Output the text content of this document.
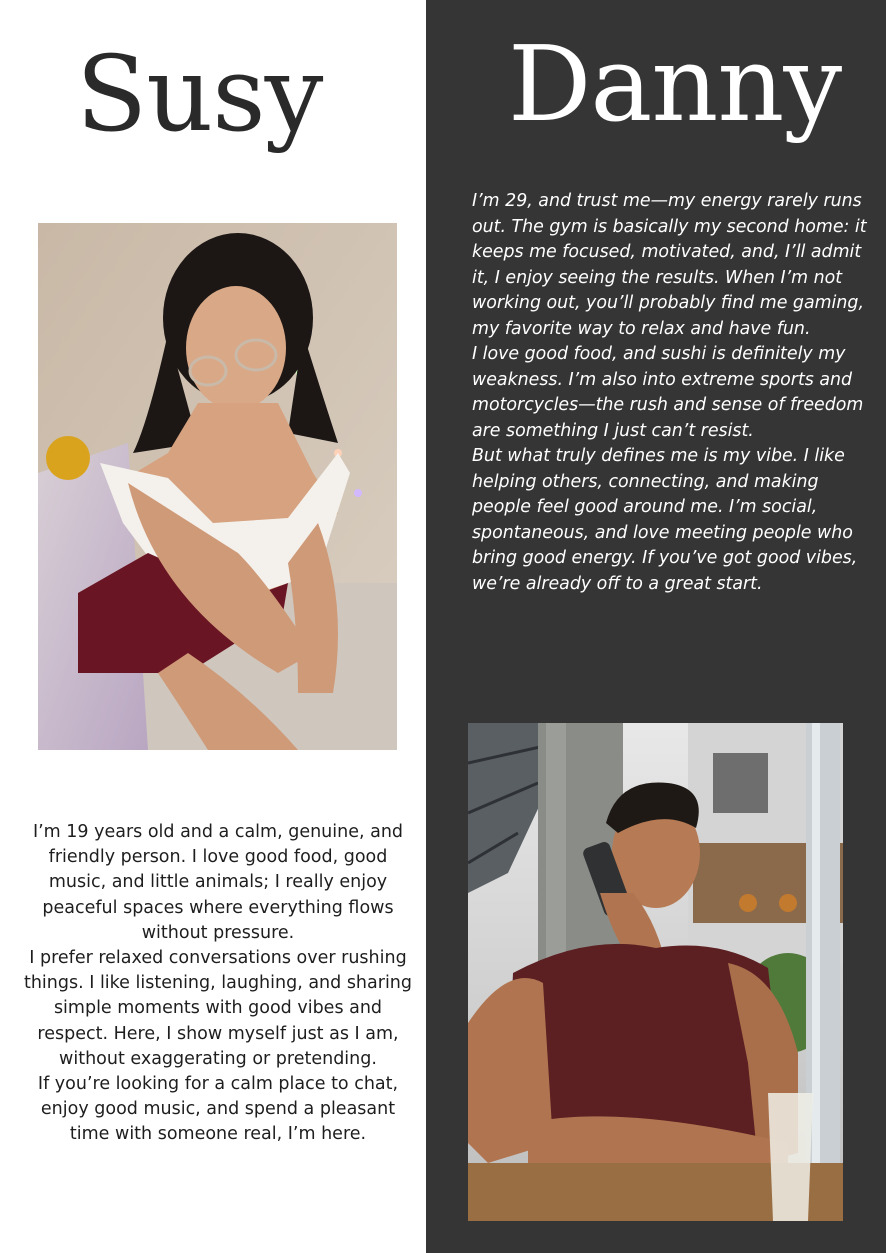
Susy Danny

I’m 19 years old and a calm, genuine, and friendly person. I love good food, good music, and little animals; I really enjoy peaceful spaces where everything flows without pressure.

I prefer relaxed conversations over rushing things. I like listening, laughing, and sharing simple moments with good vibes and respect. Here, I show myself just as I am, without exaggerating or pretending.

If you’re looking for a calm place to chat, enjoy good music, and spend a pleasant time with someone real, I’m here.

I’m 29, and trust me—my energy rarely runs out. The gym is basically my second home: it keeps me focused, motivated, and, I’ll admit it, I enjoy seeing the results. When I’m not working out, you’ll probably find me gaming, my favorite way to relax and have fun.

I love good food, and sushi is definitely my weakness. I’m also into extreme sports and motorcycles—the rush and sense of freedom are something I just can’t resist.

But what truly defines me is my vibe. I like helping others, connecting, and making people feel good around me. I’m social, spontaneous, and love meeting people who bring good energy. If you’ve got good vibes, we’re already off to a great start.
